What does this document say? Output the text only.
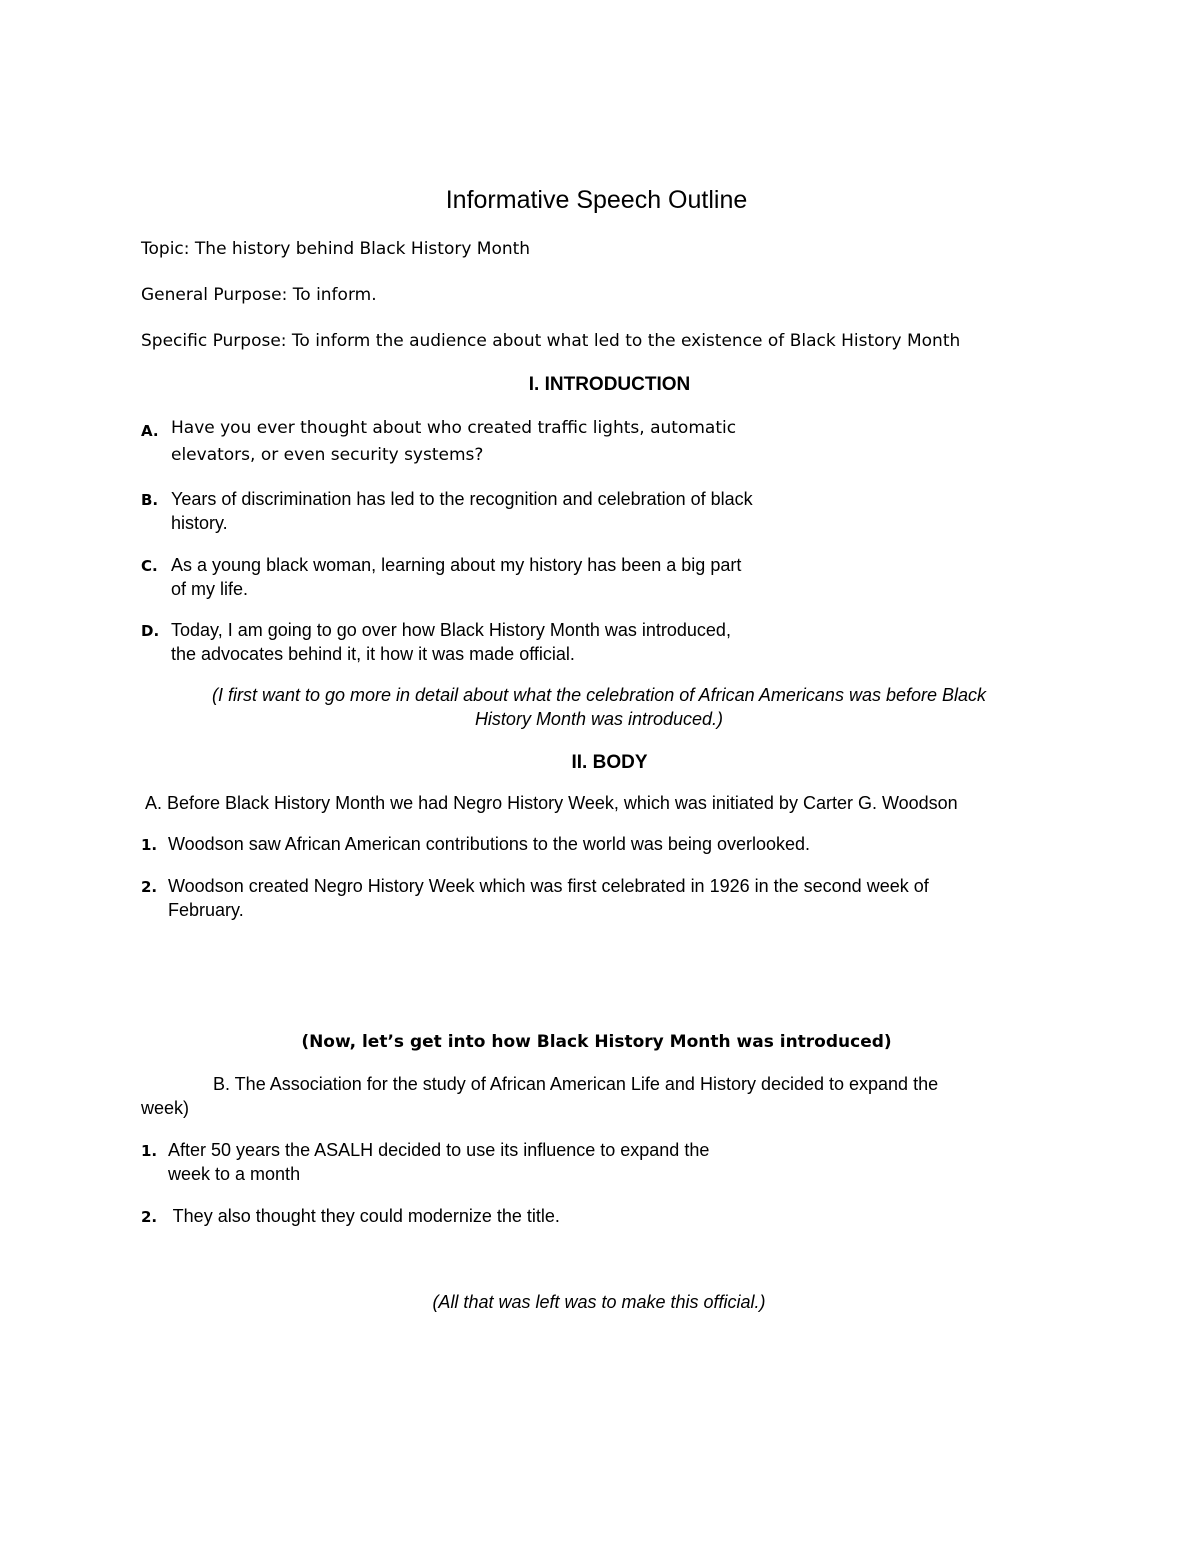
Informative Speech Outline
Topic: The history behind Black History Month
General Purpose: To inform.
Specific Purpose: To inform the audience about what led to the existence of Black History Month
I. INTRODUCTION
A. Have you ever thought about who created traffic lights, automatic
elevators, or even security systems?
B. Years of discrimination has led to the recognition and celebration of black
history.
C. As a young black woman, learning about my history has been a big part
of my life.
D. Today, I am going to go over how Black History Month was introduced,
the advocates behind it, it how it was made official.
(I first want to go more in detail about what the celebration of African Americans was before Black
History Month was introduced.)
II. BODY
A. Before Black History Month we had Negro History Week, which was initiated by Carter G. Woodson
1. Woodson saw African American contributions to the world was being overlooked.
2. Woodson created Negro History Week which was first celebrated in 1926 in the second week of
February.
(Now, let’s get into how Black History Month was introduced)
B. The Association for the study of African American Life and History decided to expand the
week)
1. After 50 years the ASALH decided to use its influence to expand the
week to a month
2. They also thought they could modernize the title.
(All that was left was to make this official.)
